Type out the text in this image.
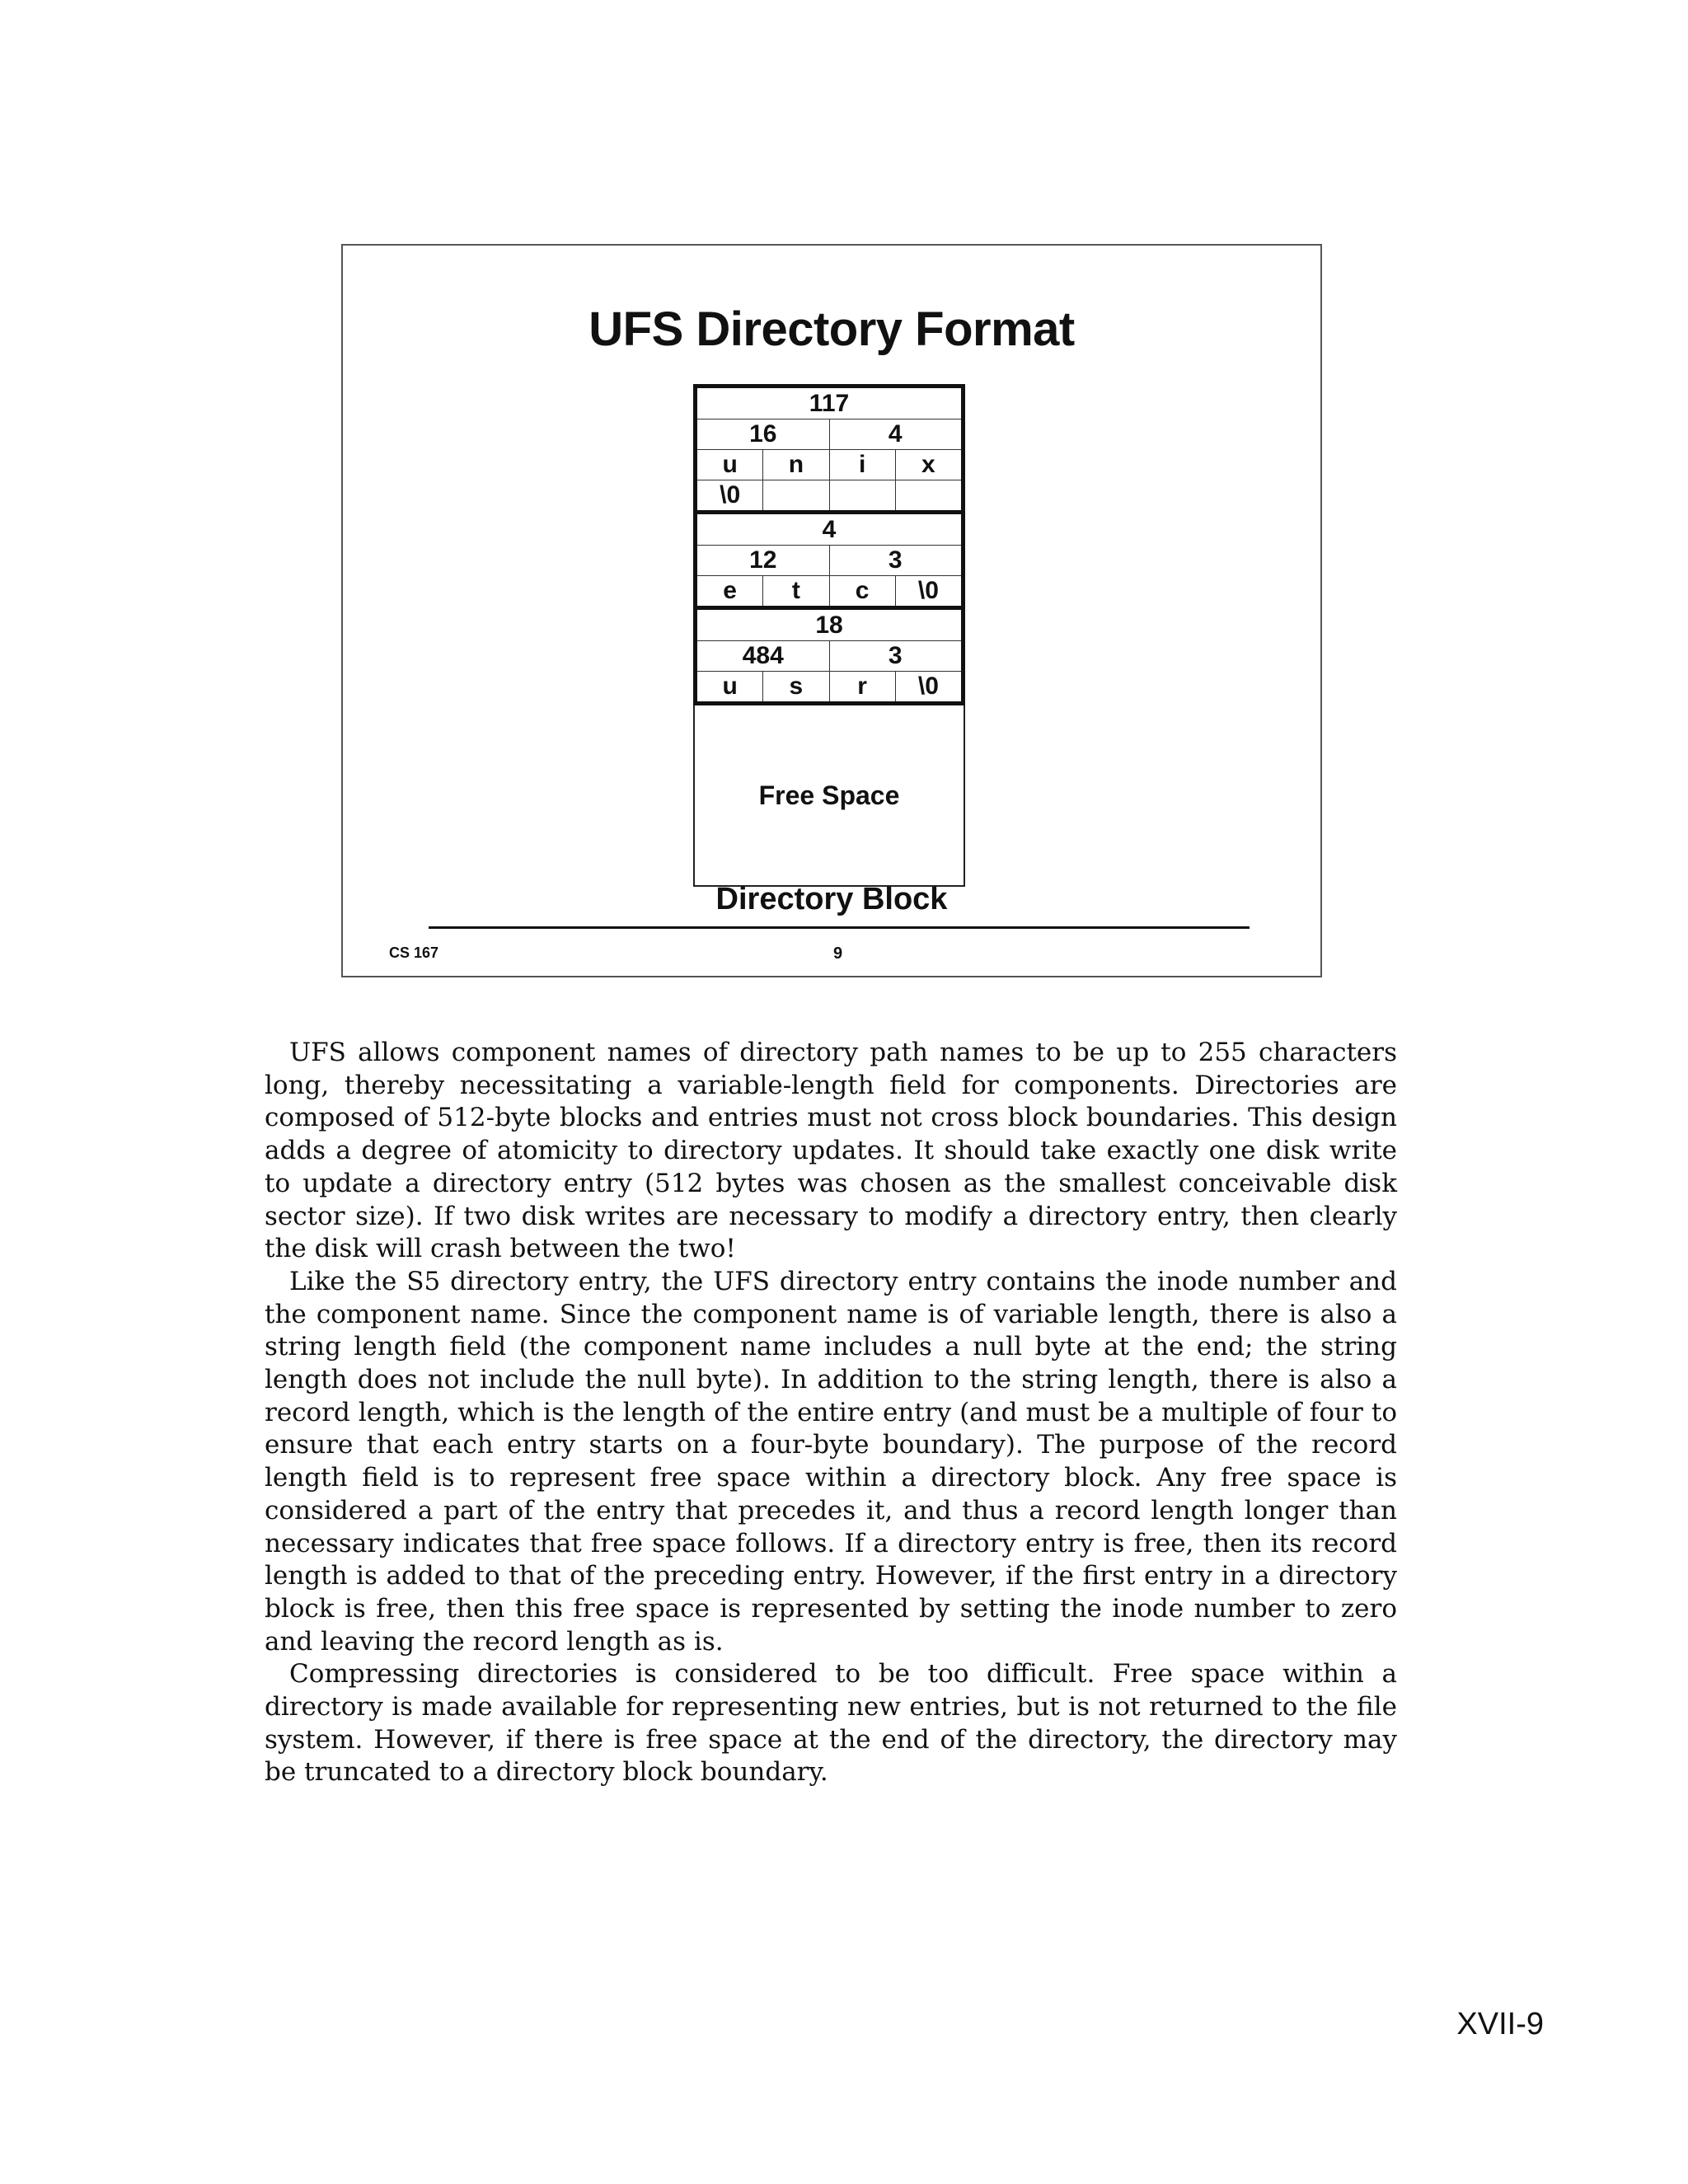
UFS Directory Format
117
16	4
u	n	i	x
\0
4
12	3
e	t	c	\0
18
484	3
u	s	r	\0
Free Space
Directory Block
CS 167	9

UFS allows component names of directory path names to be up to 255 characters long, thereby necessitating a variable-length field for components. Directories are composed of 512-byte blocks and entries must not cross block boundaries. This design adds a degree of atomicity to directory updates. It should take exactly one disk write to update a directory entry (512 bytes was chosen as the smallest conceivable disk sector size). If two disk writes are necessary to modify a directory entry, then clearly the disk will crash between the two!

Like the S5 directory entry, the UFS directory entry contains the inode number and the component name. Since the component name is of variable length, there is also a string length field (the component name includes a null byte at the end; the string length does not include the null byte). In addition to the string length, there is also a record length, which is the length of the entire entry (and must be a multiple of four to ensure that each entry starts on a four-byte boundary). The purpose of the record length field is to represent free space within a directory block. Any free space is considered a part of the entry that precedes it, and thus a record length longer than necessary indicates that free space follows. If a directory entry is free, then its record length is added to that of the preceding entry. However, if the first entry in a directory block is free, then this free space is represented by setting the inode number to zero and leaving the record length as is.

Compressing directories is considered to be too difficult. Free space within a directory is made available for representing new entries, but is not returned to the file system. However, if there is free space at the end of the directory, the directory may be truncated to a directory block boundary.

XVII-9
